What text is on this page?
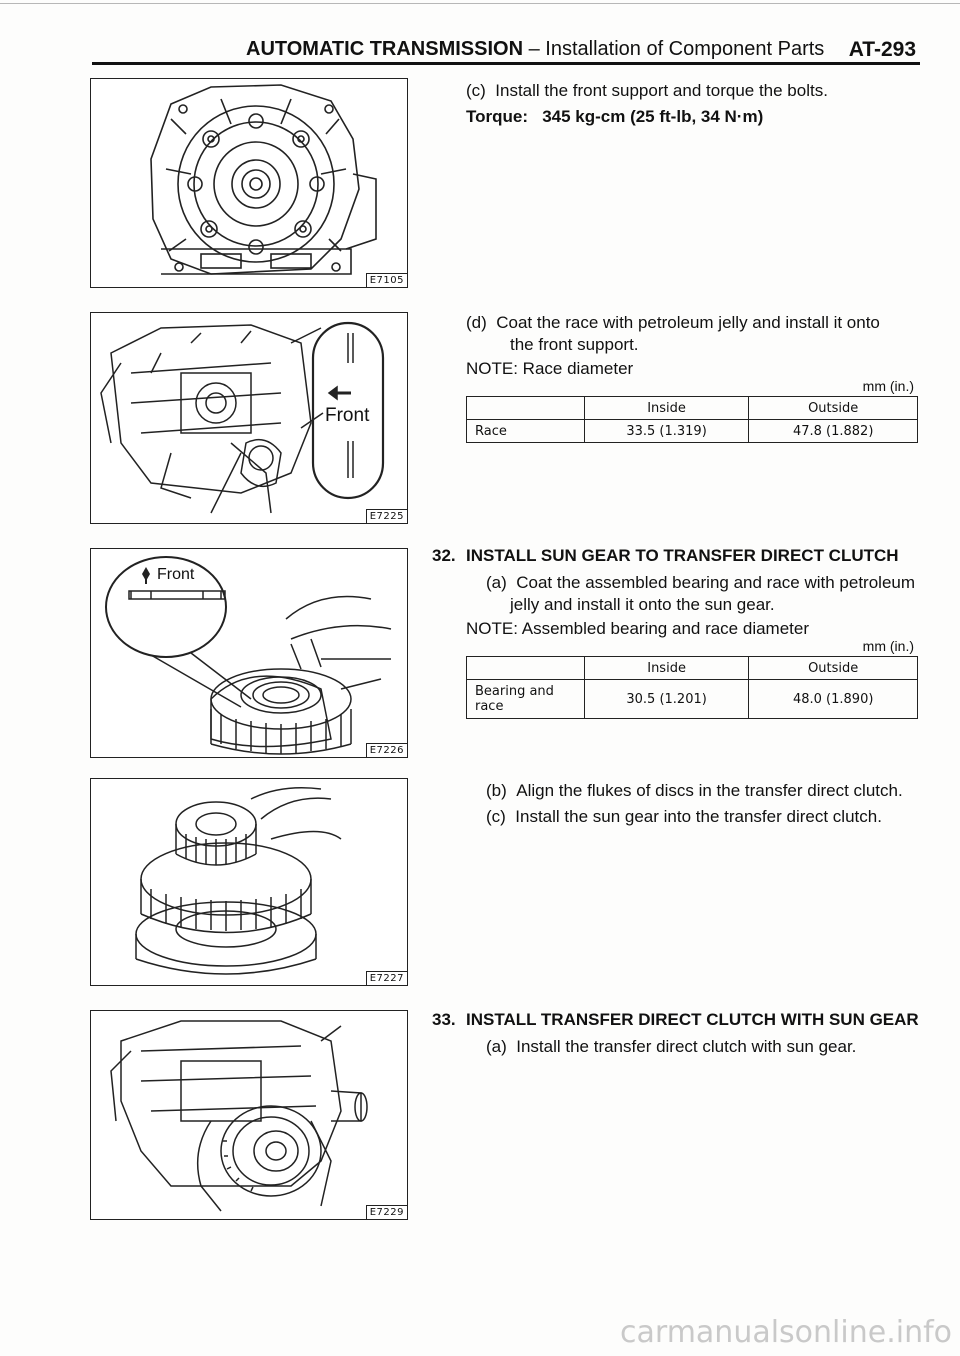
AUTOMATIC TRANSMISSION – Installation of Component Parts AT-293
E7105
Front
E7225
Front
E7226
E7227
E7229
(c) Install the front support and torque the bolts.
Torque: 345 kg-cm (25 ft-lb, 34 N·m)
(d) Coat the race with petroleum jelly and install it onto
the front support.
NOTE: Race diameter
mm (in.)
	Inside	Outside
Race	33.5 (1.319)	47.8 (1.882)
32. INSTALL SUN GEAR TO TRANSFER DIRECT CLUTCH
(a) Coat the assembled bearing and race with petroleum
jelly and install it onto the sun gear.
NOTE: Assembled bearing and race diameter
mm (in.)
	Inside	Outside
Bearing and
race	30.5 (1.201)	48.0 (1.890)
(b) Align the flukes of discs in the transfer direct clutch.
(c) Install the sun gear into the transfer direct clutch.
33. INSTALL TRANSFER DIRECT CLUTCH WITH SUN GEAR
(a) Install the transfer direct clutch with sun gear.
carmanualsonline.info
